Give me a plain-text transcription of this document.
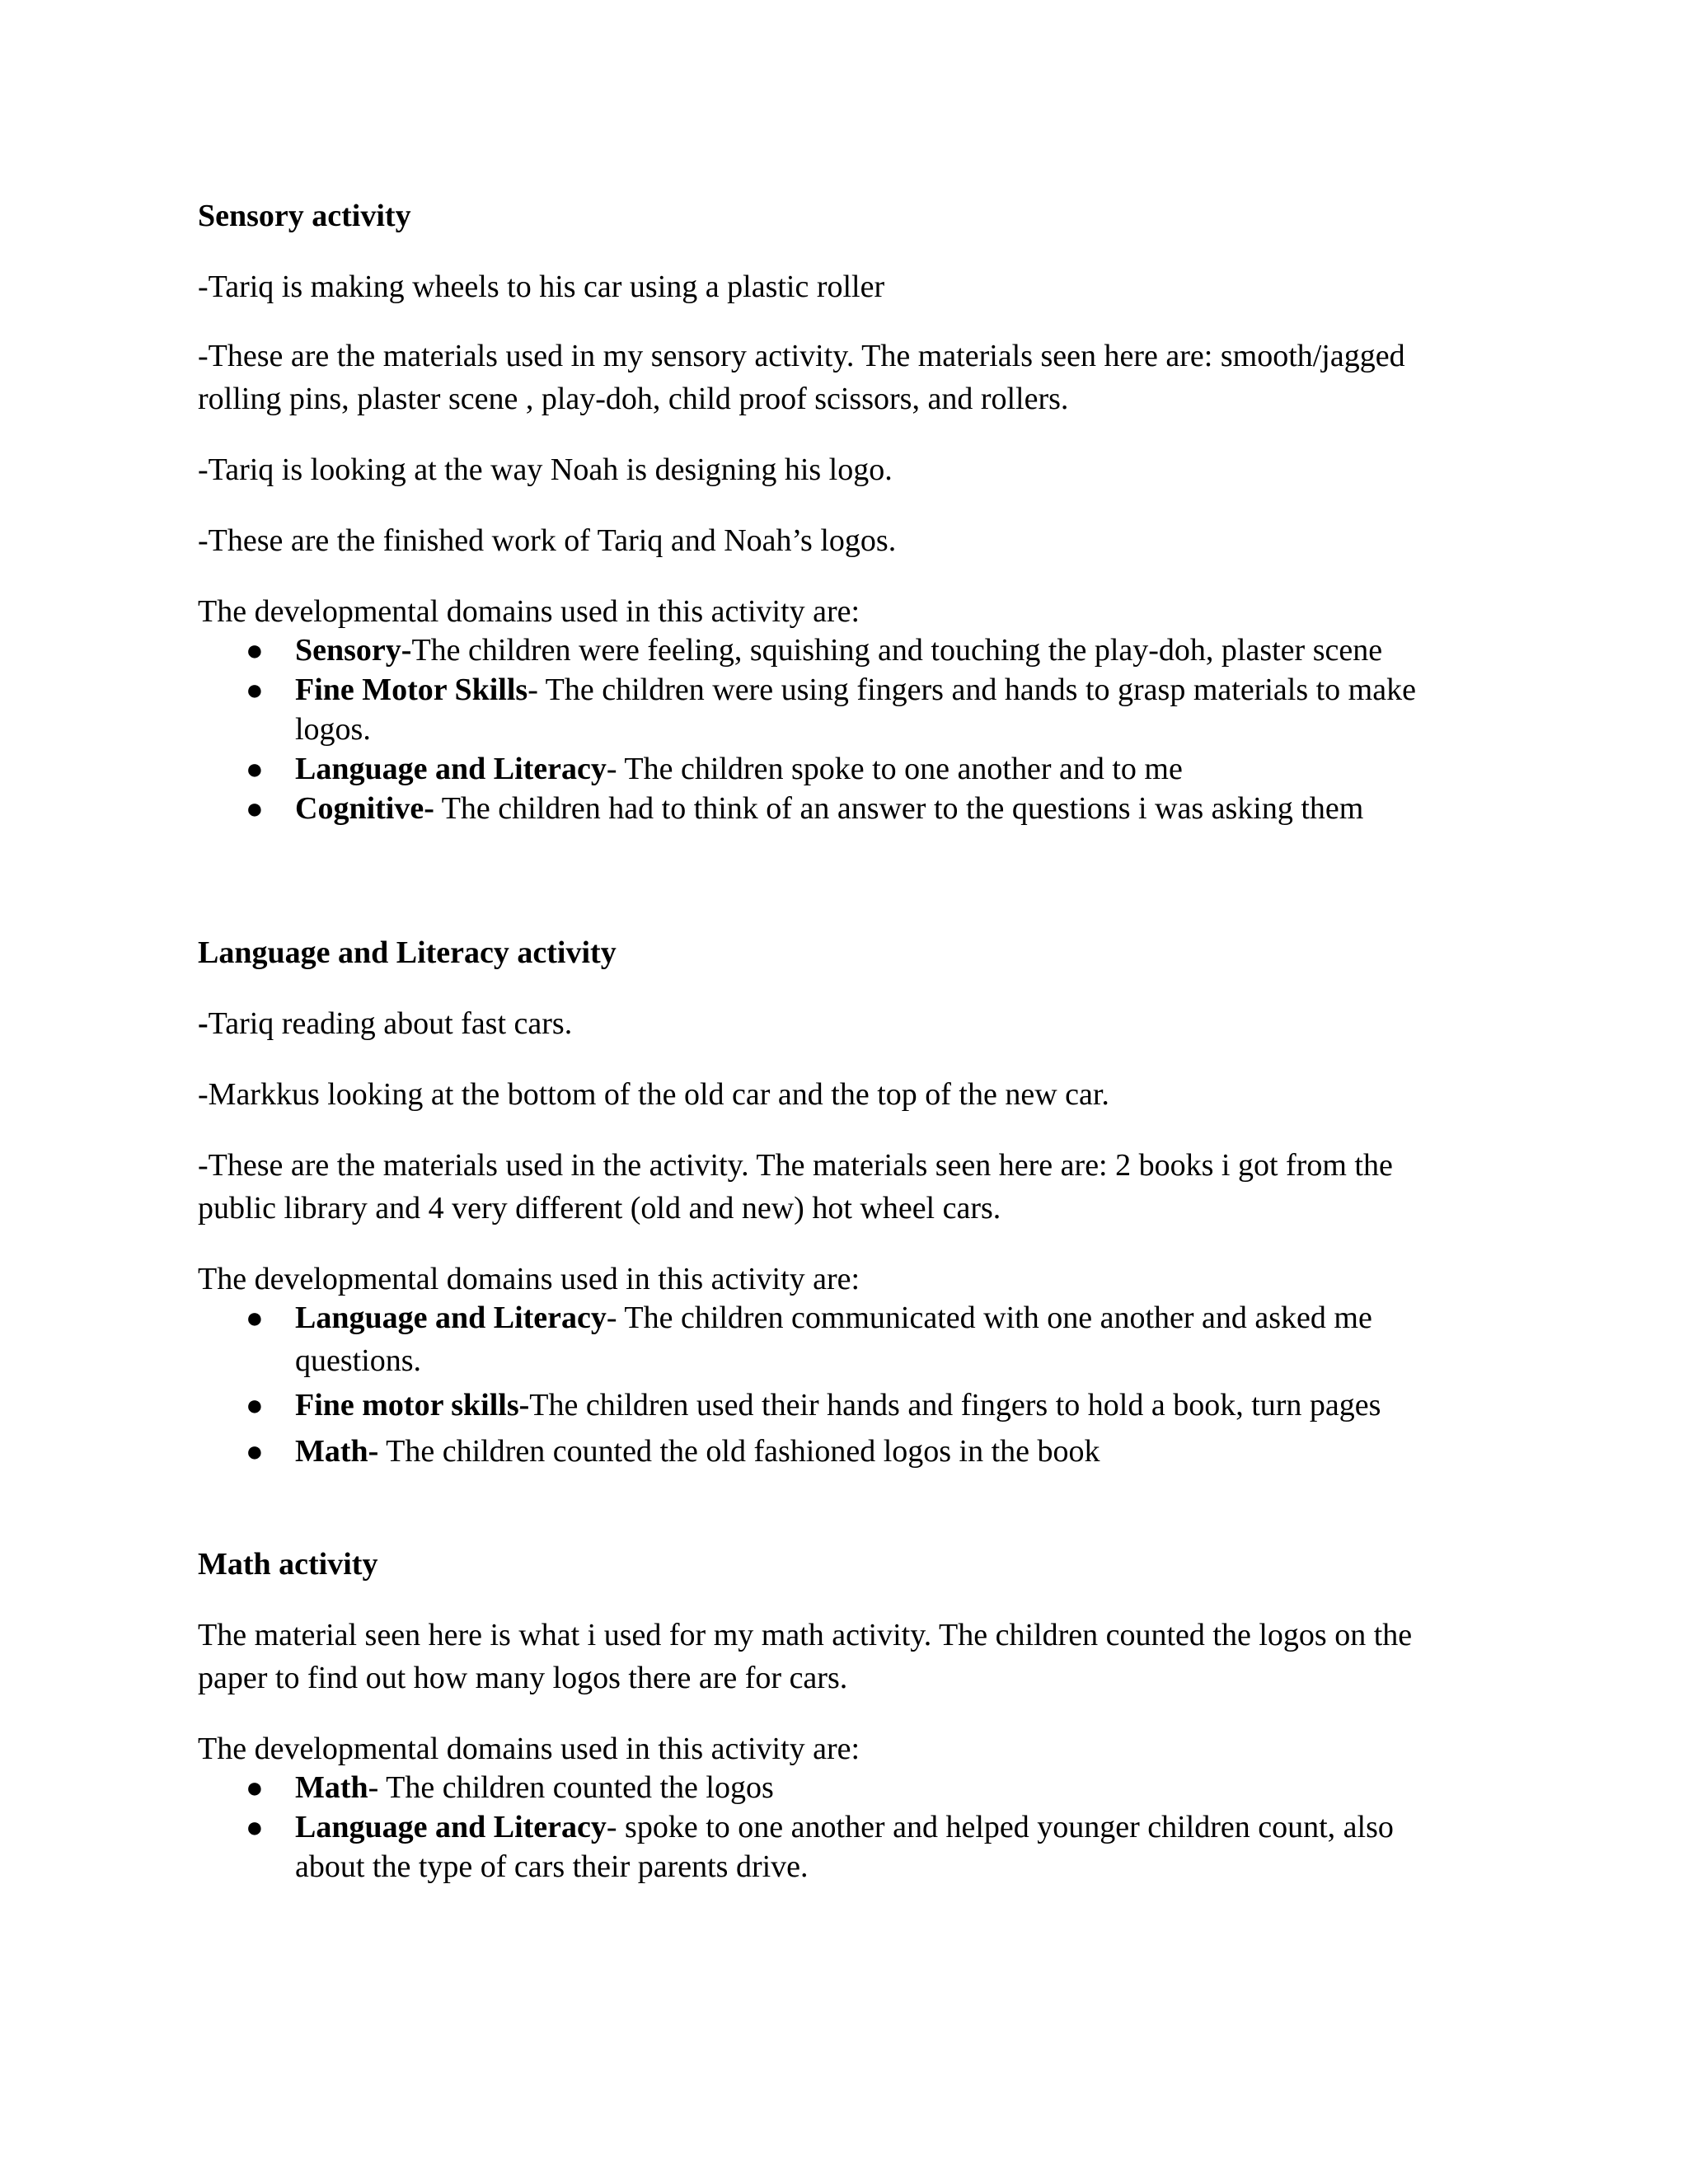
Sensory activity
-Tariq is making wheels to his car using a plastic roller
-These are the materials used in my sensory activity. The materials seen here are: smooth/jagged
rolling pins, plaster scene , play-doh, child proof scissors, and rollers.
-Tariq is looking at the way Noah is designing his logo.
-These are the finished work of Tariq and Noah’s logos.
The developmental domains used in this activity are:
● Sensory-The children were feeling, squishing and touching the play-doh, plaster scene
● Fine Motor Skills- The children were using fingers and hands to grasp materials to make
logos.
● Language and Literacy- The children spoke to one another and to me
● Cognitive- The children had to think of an answer to the questions i was asking them
Language and Literacy activity
-Tariq reading about fast cars.
-Markkus looking at the bottom of the old car and the top of the new car.
-These are the materials used in the activity. The materials seen here are: 2 books i got from the
public library and 4 very different (old and new) hot wheel cars.
The developmental domains used in this activity are:
● Language and Literacy- The children communicated with one another and asked me
questions.
● Fine motor skills-The children used their hands and fingers to hold a book, turn pages
● Math- The children counted the old fashioned logos in the book
Math activity
The material seen here is what i used for my math activity. The children counted the logos on the
paper to find out how many logos there are for cars.
The developmental domains used in this activity are:
● Math- The children counted the logos
● Language and Literacy- spoke to one another and helped younger children count, also
about the type of cars their parents drive.
